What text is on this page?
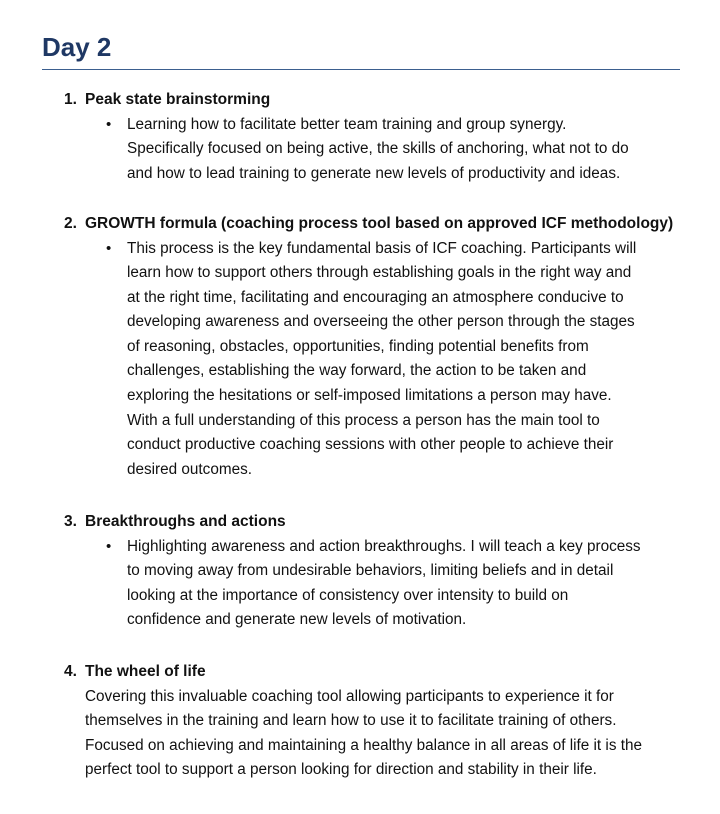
Day 2
1. Peak state brainstorming
•	Learning how to facilitate better team training and group synergy.
Specifically focused on being active, the skills of anchoring, what not to do
and how to lead training to generate new levels of productivity and ideas.
2. GROWTH formula (coaching process tool based on approved ICF methodology)
•	This process is the key fundamental basis of ICF coaching. Participants will
learn how to support others through establishing goals in the right way and
at the right time, facilitating and encouraging an atmosphere conducive to
developing awareness and overseeing the other person through the stages
of reasoning, obstacles, opportunities, finding potential benefits from
challenges, establishing the way forward, the action to be taken and
exploring the hesitations or self-imposed limitations a person may have.
With a full understanding of this process a person has the main tool to
conduct productive coaching sessions with other people to achieve their
desired outcomes.
3. Breakthroughs and actions
•	Highlighting awareness and action breakthroughs. I will teach a key process
to moving away from undesirable behaviors, limiting beliefs and in detail
looking at the importance of consistency over intensity to build on
confidence and generate new levels of motivation.
4. The wheel of life
Covering this invaluable coaching tool allowing participants to experience it for
themselves in the training and learn how to use it to facilitate training of others.
Focused on achieving and maintaining a healthy balance in all areas of life it is the
perfect tool to support a person looking for direction and stability in their life.
